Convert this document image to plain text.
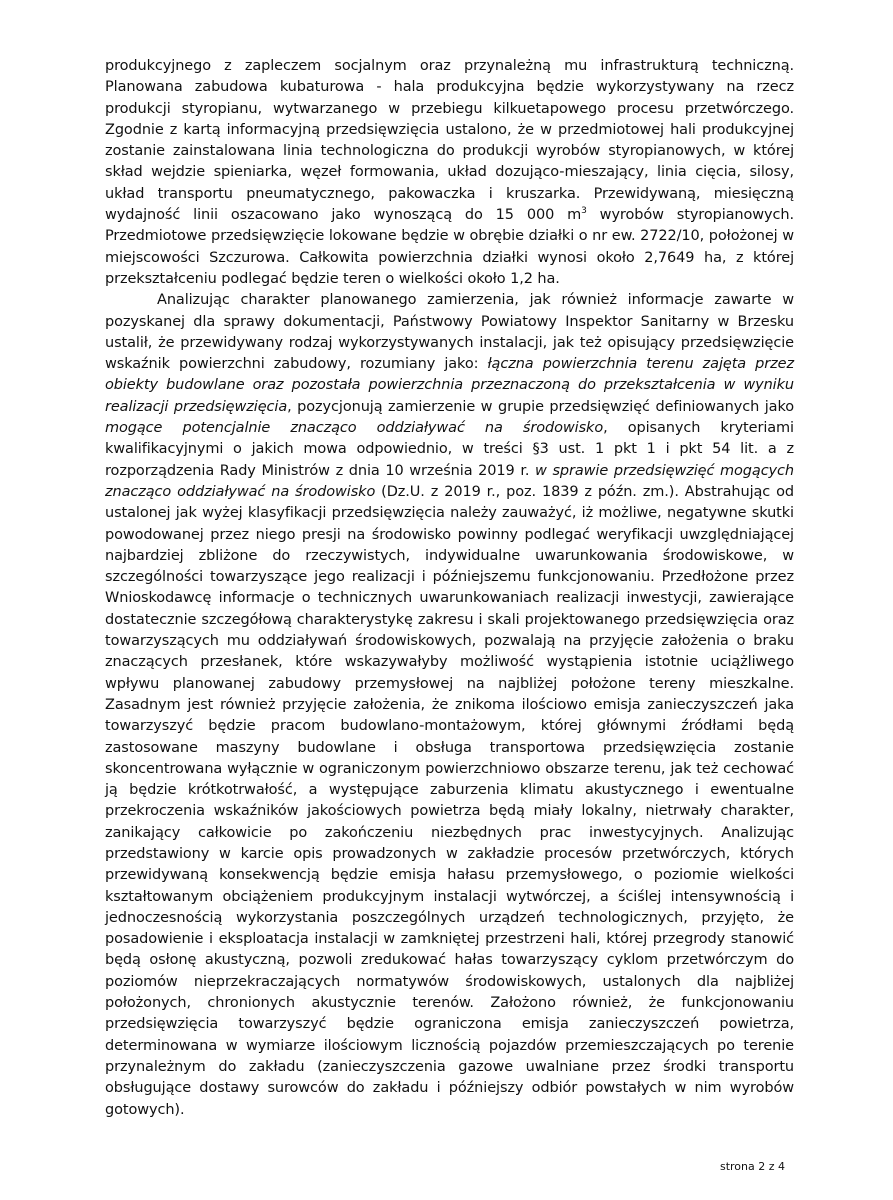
produkcyjnego z zapleczem socjalnym oraz przynależną mu infrastrukturą techniczną. Planowana zabudowa kubaturowa - hala produkcyjna będzie wykorzystywany na rzecz produkcji styropianu, wytwarzanego w przebiegu kilkuetapowego procesu przetwórczego. Zgodnie z kartą informacyjną przedsięwzięcia ustalono, że w przedmiotowej hali produkcyjnej zostanie zainstalowana linia technologiczna do produkcji wyrobów styropianowych, w której skład wejdzie spieniarka, węzeł formowania, układ dozująco-mieszający, linia cięcia, silosy, układ transportu pneumatycznego, pakowaczka i kruszarka. Przewidywaną, miesięczną wydajność linii oszacowano jako wynoszącą do 15 000 $m^3$ wyrobów styropianowych. Przedmiotowe przedsięwzięcie lokowane będzie w obrębie działki o nr ew. 2722/10, położonej w miejscowości Szczurowa. Całkowita powierzchnia działki wynosi około 2,7649 ha, z której przekształceniu podlegać będzie teren o wielkości około 1,2 ha.

Analizując charakter planowanego zamierzenia, jak również informacje zawarte w pozyskanej dla sprawy dokumentacji, Państwowy Powiatowy Inspektor Sanitarny w Brzesku ustalił, że przewidywany rodzaj wykorzystywanych instalacji, jak też opisujący przedsięwzięcie wskaźnik powierzchni zabudowy, rozumiany jako: łączna powierzchnia terenu zajęta przez obiekty budowlane oraz pozostała powierzchnia przeznaczoną do przekształcenia w wyniku realizacji przedsięwzięcia, pozycjonują zamierzenie w grupie przedsięwzięć definiowanych jako mogące potencjalnie znacząco oddziaływać na środowisko, opisanych kryteriami kwalifikacyjnymi o jakich mowa odpowiednio, w treści §3 ust. 1 pkt 1 i pkt 54 lit. a z rozporządzenia Rady Ministrów z dnia 10 września 2019 r. w sprawie przedsięwzięć mogących znacząco oddziaływać na środowisko (Dz.U. z 2019 r., poz. 1839 z późn. zm.). Abstrahując od ustalonej jak wyżej klasyfikacji przedsięwzięcia należy zauważyć, iż możliwe, negatywne skutki powodowanej przez niego presji na środowisko powinny podlegać weryfikacji uwzględniającej najbardziej zbliżone do rzeczywistych, indywidualne uwarunkowania środowiskowe, w szczególności towarzyszące jego realizacji i późniejszemu funkcjonowaniu. Przedłożone przez Wnioskodawcę informacje o technicznych uwarunkowaniach realizacji inwestycji, zawierające dostatecznie szczegółową charakterystykę zakresu i skali projektowanego przedsięwzięcia oraz towarzyszących mu oddziaływań środowiskowych, pozwalają na przyjęcie założenia o braku znaczących przesłanek, które wskazywałyby możliwość wystąpienia istotnie uciążliwego wpływu planowanej zabudowy przemysłowej na najbliżej położone tereny mieszkalne. Zasadnym jest również przyjęcie założenia, że znikoma ilościowo emisja zanieczyszczeń jaka towarzyszyć będzie pracom budowlano-montażowym, której głównymi źródłami będą zastosowane maszyny budowlane i obsługa transportowa przedsięwzięcia zostanie skoncentrowana wyłącznie w ograniczonym powierzchniowo obszarze terenu, jak też cechować ją będzie krótkotrwałość, a występujące zaburzenia klimatu akustycznego i ewentualne przekroczenia wskaźników jakościowych powietrza będą miały lokalny, nietrwały charakter, zanikający całkowicie po zakończeniu niezbędnych prac inwestycyjnych. Analizując przedstawiony w karcie opis prowadzonych w zakładzie procesów przetwórczych, których przewidywaną konsekwencją będzie emisja hałasu przemysłowego, o poziomie wielkości kształtowanym obciążeniem produkcyjnym instalacji wytwórczej, a ściślej intensywnością i jednoczesnością wykorzystania poszczególnych urządzeń technologicznych, przyjęto, że posadowienie i eksploatacja instalacji w zamkniętej przestrzeni hali, której przegrody stanowić będą osłonę akustyczną, pozwoli zredukować hałas towarzyszący cyklom przetwórczym do poziomów nieprzekraczających normatywów środowiskowych, ustalonych dla najbliżej położonych, chronionych akustycznie terenów. Założono również, że funkcjonowaniu przedsięwzięcia towarzyszyć będzie ograniczona emisja zanieczyszczeń powietrza, determinowana w wymiarze ilościowym licznością pojazdów przemieszczających po terenie przynależnym do zakładu (zanieczyszczenia gazowe uwalniane przez środki transportu obsługujące dostawy surowców do zakładu i późniejszy odbiór powstałych w nim wyrobów gotowych).

strona 2 z 4
